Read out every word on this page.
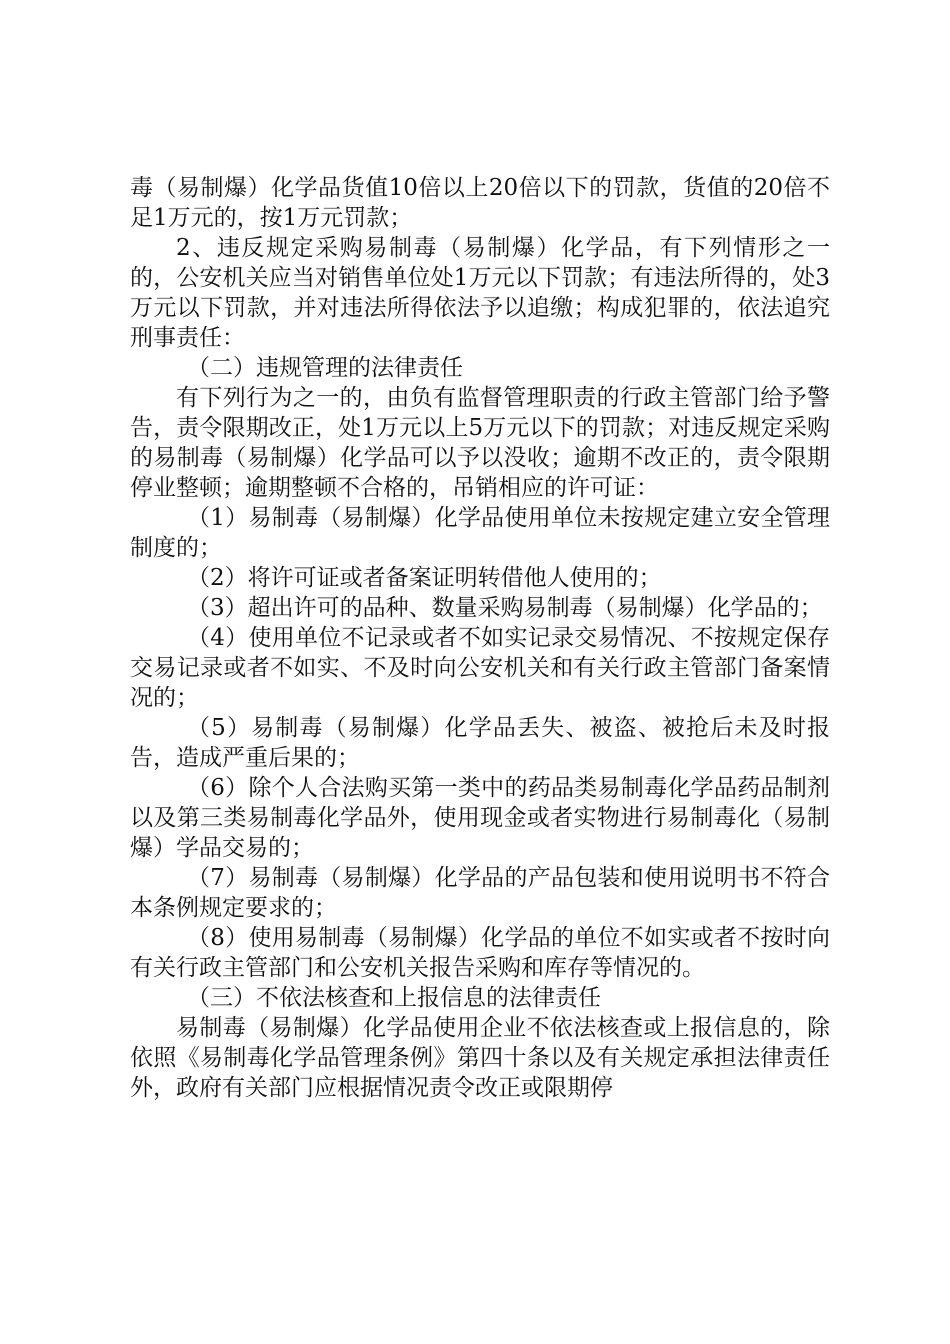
毒（易制爆）化学品货值10倍以上20倍以下的罚款，货值的20倍不足1万元的，按1万元罚款；

2、违反规定采购易制毒（易制爆）化学品，有下列情形之一的，公安机关应当对销售单位处1万元以下罚款；有违法所得的，处3万元以下罚款，并对违法所得依法予以追缴；构成犯罪的，依法追究刑事责任：

（二）违规管理的法律责任

有下列行为之一的，由负有监督管理职责的行政主管部门给予警告，责令限期改正，处1万元以上5万元以下的罚款；对违反规定采购的易制毒（易制爆）化学品可以予以没收；逾期不改正的，责令限期停业整顿；逾期整顿不合格的，吊销相应的许可证：

（1）易制毒（易制爆）化学品使用单位未按规定建立安全管理制度的；

（2）将许可证或者备案证明转借他人使用的；

（3）超出许可的品种、数量采购易制毒（易制爆）化学品的；

（4）使用单位不记录或者不如实记录交易情况、不按规定保存交易记录或者不如实、不及时向公安机关和有关行政主管部门备案情况的；

（5）易制毒（易制爆）化学品丢失、被盗、被抢后未及时报告，造成严重后果的；

（6）除个人合法购买第一类中的药品类易制毒化学品药品制剂以及第三类易制毒化学品外，使用现金或者实物进行易制毒化（易制爆）学品交易的；

（7）易制毒（易制爆）化学品的产品包装和使用说明书不符合本条例规定要求的；

（8）使用易制毒（易制爆）化学品的单位不如实或者不按时向有关行政主管部门和公安机关报告采购和库存等情况的。

（三）不依法核查和上报信息的法律责任

易制毒（易制爆）化学品使用企业不依法核查或上报信息的，除依照《易制毒化学品管理条例》第四十条以及有关规定承担法律责任外，政府有关部门应根据情况责令改正或限期停
